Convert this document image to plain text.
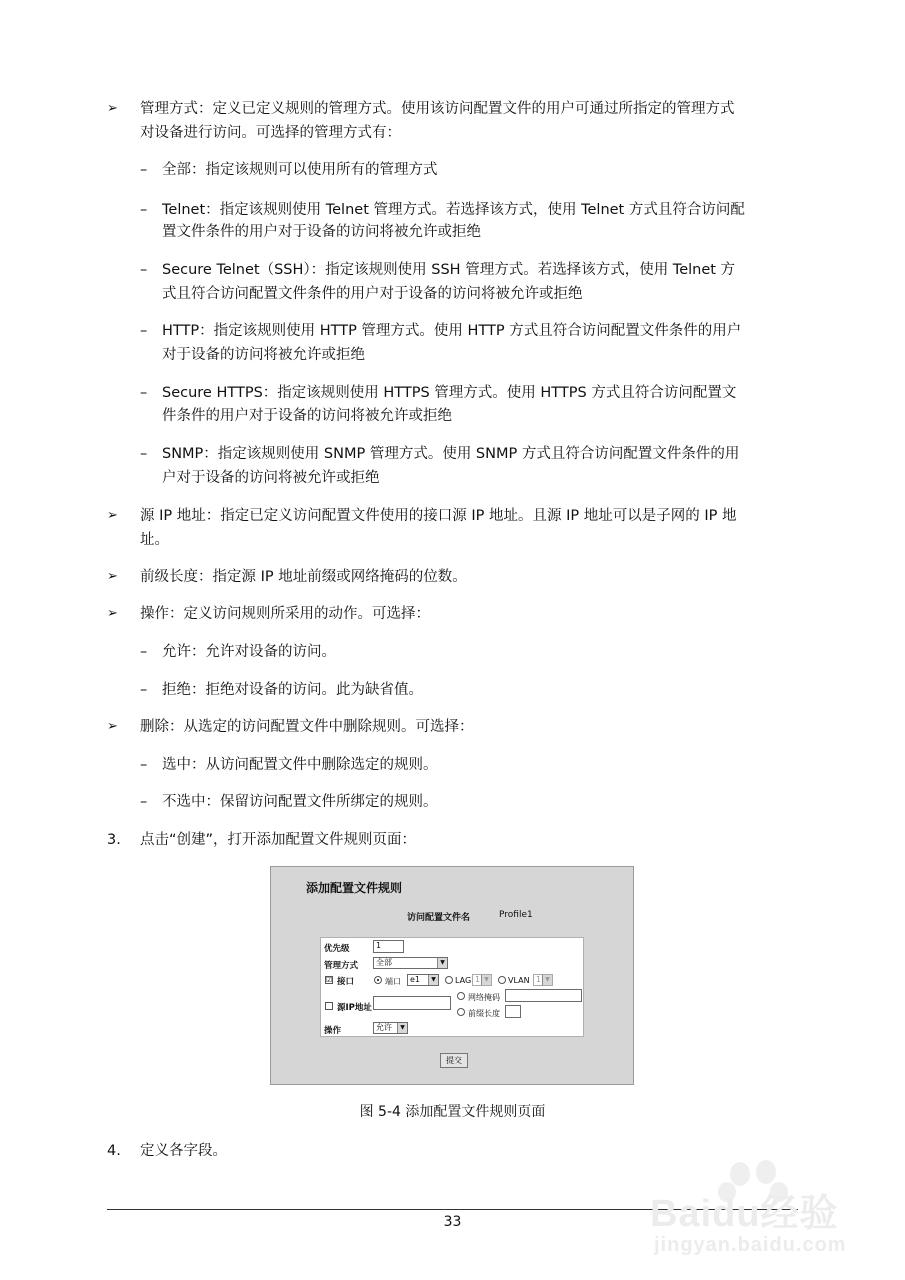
➢ 管理方式：定义已定义规则的管理方式。使用该访问配置文件的用户可通过所指定的管理方式
对设备进行访问。可选择的管理方式有：
– 全部：指定该规则可以使用所有的管理方式
– Telnet：指定该规则使用 Telnet 管理方式。若选择该方式，使用 Telnet 方式且符合访问配
置文件条件的用户对于设备的访问将被允许或拒绝
– Secure Telnet（SSH）：指定该规则使用 SSH 管理方式。若选择该方式，使用 Telnet 方
式且符合访问配置文件条件的用户对于设备的访问将被允许或拒绝
– HTTP：指定该规则使用 HTTP 管理方式。使用 HTTP 方式且符合访问配置文件条件的用户
对于设备的访问将被允许或拒绝
– Secure HTTPS：指定该规则使用 HTTPS 管理方式。使用 HTTPS 方式且符合访问配置文
件条件的用户对于设备的访问将被允许或拒绝
– SNMP：指定该规则使用 SNMP 管理方式。使用 SNMP 方式且符合访问配置文件条件的用
户对于设备的访问将被允许或拒绝
➢ 源 IP 地址：指定已定义访问配置文件使用的接口源 IP 地址。且源 IP 地址可以是子网的 IP 地
址。
➢ 前级长度：指定源 IP 地址前缀或网络掩码的位数。
➢ 操作：定义访问规则所采用的动作。可选择：
– 允许：允许对设备的访问。
– 拒绝：拒绝对设备的访问。此为缺省值。
➢ 删除：从选定的访问配置文件中删除规则。可选择：
– 选中：从访问配置文件中删除选定的规则。
– 不选中：保留访问配置文件所绑定的规则。
3. 点击“创建”，打开添加配置文件规则页面：
添加配置文件规则
访问配置文件名	Profile1
优先级	1
管理方式	全部	▼
☑ 接口	端口	e1	▼ LAG 1 ▼ VLAN 1 ▼
源IP地址
网络掩码
前缀长度
操作	允许	▼
提交
图 5-4 添加配置文件规则页面
4. 定义各字段。
33	Baidu经验
jingyan.baidu.com
